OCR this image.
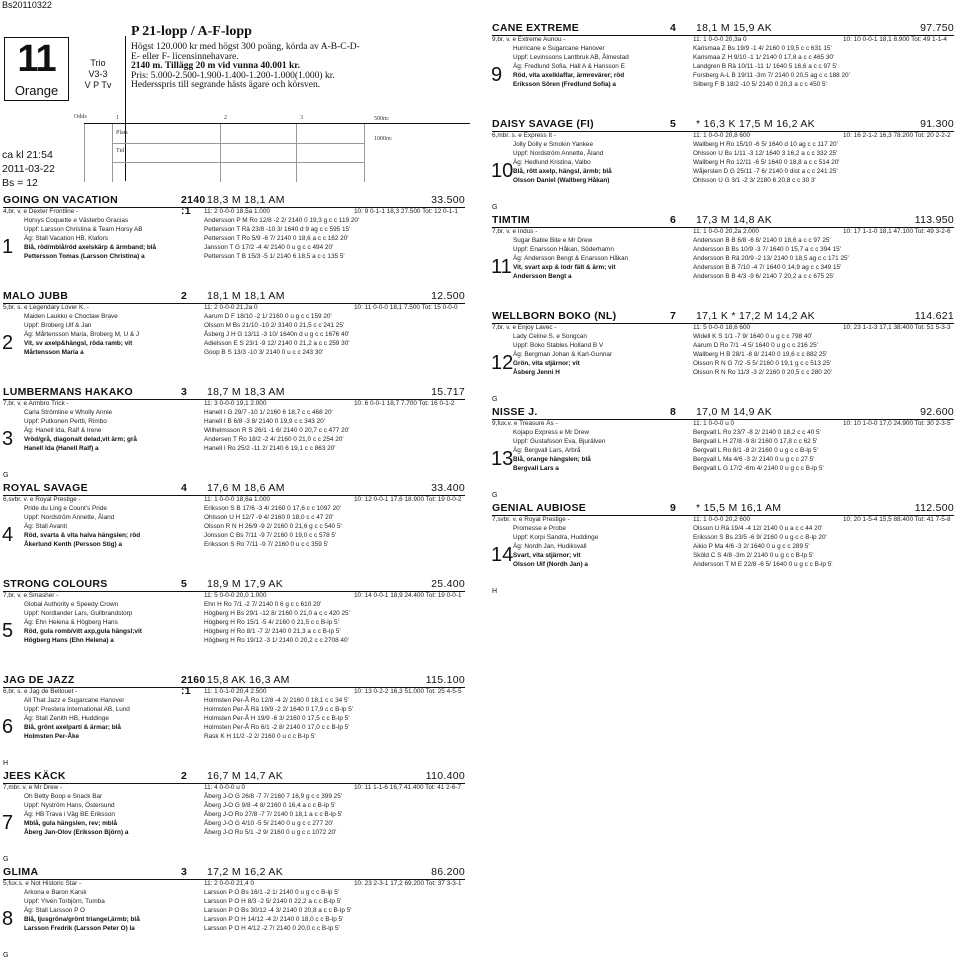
Bs20110322
11
Orange
Trio
V3-3
V P Tv
P 21-lopp / A-F-lopp
Högst 120.000 kr med högst 300 poäng, körda av A-B-C-D-
E- eller F- licensinnehavare.
2140 m. Tillägg 20 m vid vunna 40.001 kr.
Pris: 5.000-2.500-1.900-1.400-1.200-1.000(1.000) kr.
Hedersspris till segrande hästs ägare och körsven.
ca kl 21:54
2011-03-22
Bs = 12
Odds	1	2	3
Plats
Tid
500m:
1000m:
GOING ON VACATION	2140 :1
18,3 M 18,1 AM	33.500
4,br. v. e Dexter Frontline -	11: 2 0-0-0 18,5a 1.000	10: 9 0-1-1 18,3 27.500 Tot: 12 0-1-1
1
Horsys Coquette e Västerbo Gracias	Andersson P M Ro 12/8 -2 2/ 2140 0 19,3 g c c 119 20'
Uppf: Larsson Christina & Team Horsy AB	Pettersson T Rä 23/8 -10 3/ 1640 d 9 ag c c 595 15'
Äg: Stall Vacation HB, Klafors	Pettersson T Ro 5/9 -6 7/ 2140 0 18,6 a c c 162 20'
Blå, röd/mblå/röd axelskärp & ärmband; blå	Jansson T G 17/2 -4 4/ 2140 0 u g c c 494 20'
Pettersson Tomas (Larsson Christina) a	Pettersson T B 15/3 -5 1/ 2140 6 18,5 a c c 135 5'
MALO JUBB	2	18,1 M 18,1 AM	12.500
5,br. s. e Legendary Lover K. -	11: 2 0-0-0 21,2a 0	10: 11 0-0-0 18,1 7.500 Tot: 15 0-0-0
2
Maiden Laukko e Choctaw Brave	Aarum D F 18/10 -2 1/ 2160 0 u g c c 159 20'
Uppf: Broberg Ulf & Jan	Olsson M Bs 21/10 -10 2/ 3140 0 21,5 c c 241 25'
Äg: Mårtensson Maria, Broberg M, U & J	Åsberg J H G 13/11 -3 10/ 1640n d u g c c 1676 40'
Vit, sv axelp&hängsl, röda ramb; vit	Adielsson E S 23/1 -9 12/ 2140 0 21,2 a c c 259 30'
Mårtensson Maria a	Goop B S 13/3 -10 3/ 2140 0 u c c 243 30'
LUMBERMANS HAKAKO	3	18,7 M 18,3 AM	15.717
7,br. v. e Armbro Trick -	11: 3 0-0-0 19,1 2.000	10: 6 0-0-1 18,7 7.700 Tot: 16 0-1-2
3
G
Carla Strömline e Wholly Annie	Hanell I G 29/7 -10 1/ 2160 6 18,7 c c 468 20'
Uppf: Putkonen Pertti, Rimbo	Hanell I B 6/8 -3 8/ 2140 0 19,9 c c 343 20'
Äg: Hanell Ida, Ralf & Irene	Wilhelmsson R S 26/1 -1 6/ 2140 0 20,7 c c 477 20'
Vröd/grå, diagonalt delad,vit ärm; grå	Andersen T Ro 18/2 -2 4/ 2160 0 21,0 c c 254 20'
Hanell Ida (Hanell Ralf) a	Hanell I Ro 25/2 -11 2/ 2140 6 19,1 c c 863 20'
ROYAL SAVAGE	4	17,6 M 18,6 AM	33.400
6,svbr. v. e Royal Prestige -	11: 1 0-0-0 18,6a 1.000	10: 12 0-0-1 17,6 18.900 Tot: 19 0-0-2
4
Pride du Ling e Count's Pride	Eriksson S B 17/6 -3 4/ 2160 0 17,6 c c 1097 20'
Uppf: Nordström Annette, Åland	Ohlsson U H 12/7 -9 4/ 2160 0 18,0 c c 47 20'
Äg: Stall Avanti	Olsson R N H 26/9 -9 2/ 2160 0 21,6 g c c 540 5'
Röd, svarta & vita halva hängslen; röd	Jonsson C Bs 7/11 -9 7/ 2160 0 19,0 c c 578 5'
Åkerlund Kenth (Persson Stig) a	Eriksson S Ro 7/11 -9 7/ 2160 0 u c c 359 5'
STRONG COLOURS	5	18,9 M 17,9 AK	25.400
7,br. v. e Smasher -	11: 5 0-0-0 20,0 1.000	10: 14 0-0-1 18,9 24.400 Tot: 19 0-0-1
5
Global Authority e Speedy Crown	Ehn H Ro 7/1 -2 7/ 2140 0 6 g c c 610 20'
Uppf: Nordlander Lars, Gullbrandstorp	Högberg H Bs 29/1 -12 8/ 2160 0 21,0 a c c 420 25'
Äg: Ehn Helena & Högberg Hans	Högberg H Ro 15/1 -5 4/ 2160 0 21,5 c c B-lp 5'
Röd, gula romb/vitt axp,gula hängsl;vit	Högberg H Ro 8/1 -7 2/ 2140 0 21,3 a c c B-lp 5'
Högberg Hans (Ehn Helena) a	Högberg H Ro 19/12 -3 1/ 2140 0 20,2 c c 2708 40'
JAG DE JAZZ	2160 :1
15,8 AK 16,3 AM	115.100
6,br. s. e Jag de Bellouet -	11: 1 0-1-0 20,4 2.500	10: 13 0-2-2 16,3 51.000 Tot: 25 4-5-5
6
H
All That Jazz e Sugarcane Hanover	Holmsten Per-Å Ro 12/8 -4 2/ 2160 0 18,1 c c 34 5'
Uppf: Prestera International AB, Lund	Holmsten Per-Å Rä 19/9 -2 2/ 1640 0 17,9 c c B-lp 5'
Äg: Stall Zenith HB, Huddinge	Holmsten Per-Å H 19/9 -6 3/ 2160 0 17,5 c c B-lp 5'
Blå, grönt axelparti & ärmar; blå	Holmsten Per-Å Ro 6/1 -2 8/ 2140 0 17,0 c c B-lp 5'
Holmsten Per-Åke	Rask K H 11/2 -2 2/ 2160 0 u c c B-lp 5'
JEES KÄCK	2	16,7 M 14,7 AK	110.400
7,mbr. v. e Mr Drew -	11: 4 0-0-0 u 0	10: 11 1-1-6 16,7 41.400 Tot: 41 2-6-7
7
G
Oh Betty Boop e Snack Bar	Åberg J-O G 26/8 -7 7/ 2160 7 16,9 g c c 399 25'
Uppf: Nyström Hans, Östersund	Åberg J-O G 9/8 -4 8/ 2160 0 16,4 a c c B-lp 5'
Äg: HB Trava i Väg BE Eriksson	Åberg J-O Ro 27/8 -7 7/ 2140 0 18,1 a c c B-lp 5'
Mblå, gula hängslen, rev; mblå	Åberg J-O G 4/10 -5 5/ 2140 0 u g c c 277 20'
Åberg Jan-Olov (Eriksson Björn) a	Åberg J-O Ro 5/1 -2 9/ 2160 0 u g c c 1072 20'
GLIMA	3	17,2 M 16,2 AK	86.200
5,fux.s. e Not Historic Star -	11: 2 0-0-0 21,4 0	10: 23 2-3-1 17,2 69.200 Tot: 37 3-3-1
8
G
Arkona e Baron Karsk	Larsson P O Bs 16/1 -2 1/ 2140 0 u g c c B-lp 5'
Uppf: Ylvén Torbjörn, Tumba	Larsson P O H 8/3 -2 5/ 2140 0 22,2 a c c B-lp 5'
Äg: Stall Larsson P O	Larsson P O Bs 30/12 -4 3/ 2140 0 20,8 a c c B-lp 5'
Blå, ljusgröna/grönt triangel,ärmb; blå	Larsson P O H 14/12 -4 2/ 2140 0 18,0 c c B-lp 5'
Larsson Fredrik (Larsson Peter O) la	Larsson P O H 4/12 -2 7/ 2140 0 20,0 c c B-lp 5'
CANE EXTREME	4	18,1 M 15,9 AK	97.750
9,br. v. e Extreme Aunou -	11: 1 0-0-0 20,3a 0	10: 10 0-0-1 18,1 8.900 Tot: 49 1-1-4
9
Hurricane e Sugarcane Hanover	Karismaa Z Bs 19/9 -1 4/ 2160 0 19,5 c c 631 15'
Uppf: Levinssons Lantbruk AB, Ålmestad	Karismaa Z H 9/10 -1 1/ 2140 0 17,8 a c c 465 30'
Äg: Fredlund Sofia, Hall A & Hansson E	Landgren B Rä 10/11 -11 1/ 1640 5 16,6 a c c 97 5'
Röd, vita axelklaffar, ärmrevärer; röd	Forsberg A-L B 19/11 -3m 7/ 2140 0 20,5 ag c c 188 20'
Eriksson Sören (Fredlund Sofia) a	Silberg F B 18/2 -10 5/ 2140 0 20,3 a c c 450 5'
DAISY SAVAGE (FI)	5	* 16,3 K 17,5 M 16,2 AK	91.300
6,mbr. s. e Express It -	11: 1 0-0-0 20,8 600	10: 16 2-1-2 16,3 78.200 Tot: 20 2-2-2
10
G
Jolly Dolly e Smokin Yankee	Wallberg H Ro 15/10 -6 5/ 1640 d 10 ag c c 117 20'
Uppf: Nordström Annette, Åland	Ohlsson U Bs 1/11 -3 12/ 1640 3 16,2 a c c 332 25'
Äg: Hedlund Kristina, Valbo	Wallberg H Ro 12/11 -6 5/ 1640 0 18,8 a c c 514 20'
Blå, rött axelp, hängsl, ärmb; blå	Wåjersten D G 25/11 -7 6/ 2140 0 dist a c c 241 25'
Olsson Daniel (Wallberg Håkan)	Ohlsson U G 3/1 -2 3/ 2180 6 20,8 c c 30 3'
TIMTIM	6	17,3 M 14,8 AK	113.950
7,br. v. e Indus -	11: 1 0-0-0 20,2a 2.000	10: 17 1-1-0 18,1 47.100 Tot: 49 3-2-6
11
Sugar Babie Bite e Mr Drew	Andersson B B 6/8 -6 8/ 2140 0 18,6 a c c 97 25'
Uppf: Enarsson Håkan, Söderhamn	Andersson B Bs 10/9 -3 7/ 1640 0 15,7 a c c 394 15'
Äg: Andersson Bengt & Enarsson Håkan	Andersson B Rä 20/9 -2 13/ 2140 0 18,5 ag c c 171 25'
Vit, svart axp & lodr fält & ärm; vit	Andersson B B 7/10 -4 7/ 1640 0 14,9 ag c c 349 15'
Andersson Bengt a	Andersson B B 4/3 -9 6/ 2140 7 20,2 a c c 675 25'
WELLBORN BOKO (NL)	7	17,1 K * 17,2 M 14,2 AK	114.621
7,br. v. e Enjoy Lavec -	11: 5 0-0-0 18,6 600	10: 23 1-1-3 17,1 38.400 Tot: 51 5-3-3
12
G
Lady Celine S. e Songcan	Widell K S 1/1 -7 9/ 1640 0 u g c c 798 40'
Uppf: Boko Stables Holland B V	Aarum D Ro 7/1 -4 5/ 1640 0 u g c c 216 25'
Äg: Bergman Johan & Karl-Gunnar	Wallberg H B 28/1 -8 8/ 2140 0 19,6 c c 882 25'
Grön, vita stjärnor; vit	Olsson R N G 7/2 -5 5/ 2160 0 19,1 g c c 513 25'
Åsberg Jenni H	Olsson R N Ro 11/3 -3 2/ 2160 0 20,5 c c 280 20'
NISSE J.	8	17,0 M 14,9 AK	92.600
9,fux.v. e Treasure Ås -	11: 1 0-0-0 u 0	10: 10 1-0-0 17,0 24.900 Tot: 30 2-3-5
13
G
Kojapo Express e Mr Drew	Bergvall L Ro 23/7 -8 2/ 2140 0 18,2 c c 40 5'
Uppf: Gustafsson Eva, Bjurälven	Bergvall L H 27/8 -9 8/ 2160 0 17,8 c c 62 5'
Äg: Bergvall Lars, Arbrå	Bergvall L Ro 8/1 -8 2/ 2160 0 u g c c B-lp 5'
Blå, orange hängslen; blå	Bergvall L Ma 4/6 -3 2/ 2140 0 u g c c 27 5'
Bergvall Lars a	Bergvall L G 17/2 -6m 4/ 2140 0 u g c c B-lp 5'
GENIAL AUBIOSE	9	* 15,5 M 16,1 AM	112.500
7,svbr. v. e Royal Prestige -	11: 1 0-0-0 20,2 600	10: 20 1-5-4 15,5 88.400 Tot: 41 7-5-8
14
H
Promesse e Probe	Olsson U Rä 19/4 -4 12/ 2140 0 u a c c 44 20'
Uppf: Korpi Sandra, Huddinge	Eriksson S Bs 23/5 -6 9/ 2160 0 u g c c B-lp 20'
Äg: Nordh Jan, Hudiksvall	Aikio P Ma 4/6 -3 2/ 1640 0 u g c c 289 5'
Svart, vita stjärnor; vit	Sköld C S 4/8 -3m 2/ 2140 0 u g c c B-lp 5'
Olsson Ulf (Nordh Jan) a	Andersson T M E 22/8 -6 5/ 1640 0 u g c c B-lp 5'
